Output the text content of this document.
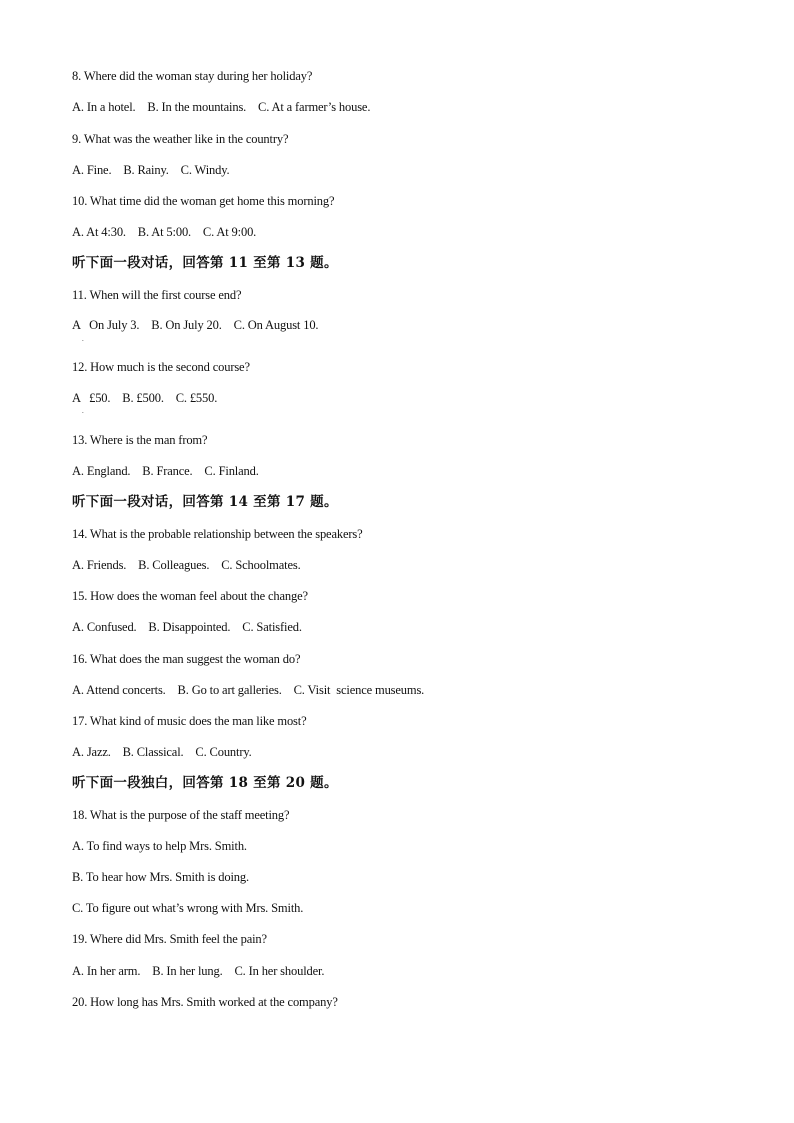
8. Where did the woman stay during her holiday?
A. In a hotel.    B. In the mountains.    C. At a farmer’s house.
9. What was the weather like in the country?
A. Fine.    B. Rainy.    C. Windy.
10. What time did the woman get home this morning?
A. At 4:30.    B. At 5:00.    C. At 9:00.
听下面一段对话，回答第 11 至第 13 题。
11. When will the first course end?
A   On July 3.    B. On July 20.    C. On August 10.
.
12. How much is the second course?
A   £50.    B. £500.    C. £550.
.
13. Where is the man from?
A. England.    B. France.    C. Finland.
听下面一段对话，回答第 14 至第 17 题。
14. What is the probable relationship between the speakers?
A. Friends.    B. Colleagues.    C. Schoolmates.
15. How does the woman feel about the change?
A. Confused.    B. Disappointed.    C. Satisfied.
16. What does the man suggest the woman do?
A. Attend concerts.    B. Go to art galleries.    C. Visit  science museums.
17. What kind of music does the man like most?
A. Jazz.    B. Classical.    C. Country.
听下面一段独白，回答第 18 至第 20 题。
18. What is the purpose of the staff meeting?
A. To find ways to help Mrs. Smith.
B. To hear how Mrs. Smith is doing.
C. To figure out what’s wrong with Mrs. Smith.
19. Where did Mrs. Smith feel the pain?
A. In her arm.    B. In her lung.    C. In her shoulder.
20. How long has Mrs. Smith worked at the company?
